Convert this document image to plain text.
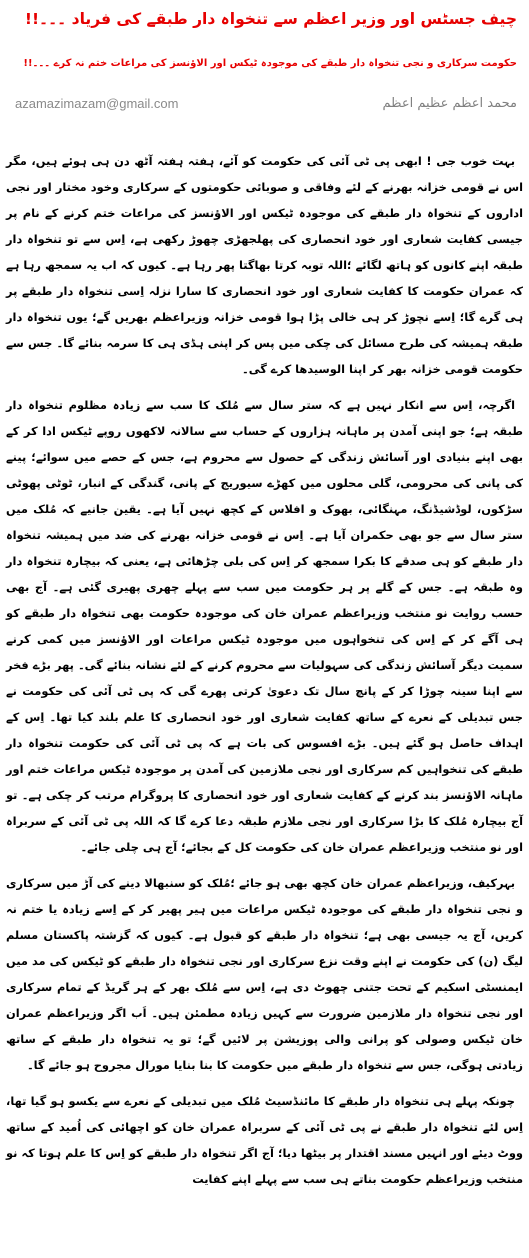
چیف جسٹس اور وزیر اعظم سے تنخواہ دار طبقے کی فریاد ۔۔۔!!
حکومت سرکاری و نجی تنخواہ دار طبقے کی موجودہ ٹیکس اور الاؤنسز کی مراعات ختم نہ کرے ۔۔۔!!
azamazimazam@gmail.com	محمد اعظم عظیم اعظم

بہت خوب جی ! ابھی پی ٹی آئی کی حکومت کو آئے، ہفتہ ہفتہ آٹھ دن ہی ہوئے ہیں، مگر اس نے قومی خزانہ بھرنے کے لئے وفاقی و صوبائی حکومتوں کے سرکاری وخود مختار اور نجی اداروں کے تنخواہ دار طبقے کی موجودہ ٹیکس اور الاؤنسز کی مراعات ختم کرنے کے نام پر جیسی کفایت شعاری اور خود انحصاری کی پھلجھڑی چھوڑ رکھی ہے، اِس سے تو تنخواہ دار طبقہ اپنے کانوں کو ہاتھ لگائے ؛اللہ توبہ کرتا بھاگتا پھر رہا ہے۔ کیوں کہ اب یہ سمجھ رہا ہے کہ عمران حکومت کا کفایت شعاری اور خود انحصاری کا سارا نزلہ اِسی تنخواہ دار طبقے پر ہی گرے گا؛ اِسے نچوڑ کر ہی خالی پڑا ہوا قومی خزانہ وزیراعظم بھریں گے؛ یوں تنخواہ دار طبقہ ہمیشہ کی طرح مسائل کی چکی میں پس کر اپنی ہڈی ہی کا سرمہ بنائے گا۔ جس سے حکومت قومی خزانہ بھر کر اپنا الوسیدھا کرے گی۔

اگرچہ، اِس سے انکار نہیں ہے کہ ستر سال سے مُلک کا سب سے زیادہ مظلوم تنخواہ دار طبقہ ہے؛ جو اپنی آمدن پر ماہانہ ہزاروں کے حساب سے سالانہ لاکھوں روپے ٹیکس ادا کر کے بھی اپنے بنیادی اور آسائش زندگی کے حصول سے محروم ہے، جس کے حصے میں سوائے؛ پینے کی پانی کی محرومی، گلی محلوں میں کھڑے سیوریج کے پانی، گندگی کے انبار، ٹوٹی پھوٹی سڑکوں، لوڈشیڈنگ، مہنگائی، بھوک و افلاس کے کچھ نہیں آیا ہے۔ یقین جانیے کہ مُلک میں ستر سال سے جو بھی حکمران آیا ہے۔ اِس نے قومی خزانہ بھرنے کی ضد میں ہمیشہ تنخواہ دار طبقے کو ہی صدقے کا بکرا سمجھ کر اِس کی بلی چڑھائی ہے، یعنی کہ بیچارہ تنخواہ دار وہ طبقہ ہے۔ جس کے گلے پر ہر حکومت میں سب سے پہلے چھری پھیری گئی ہے۔ آج بھی حسب روایت نو منتخب وزیراعظم عمران خان کی موجودہ حکومت بھی تنخواہ دار طبقے کو ہی آگے کر کے اِس کی تنخواہوں میں موجودہ ٹیکس مراعات اور الاؤنسز میں کمی کرنے سمیت دیگر آسائش زندگی کی سہولیات سے محروم کرنے کے لئے نشانہ بنائے گی۔ پھر بڑے فخر سے اپنا سینہ چوڑا کر کے پانچ سال تک دعویٰ کرتی پھرے گی کہ پی ٹی آئی کی حکومت نے جس تبدیلی کے نعرے کے ساتھ کفایت شعاری اور خود انحصاری کا علم بلند کیا تھا۔ اِس کے اہداف حاصل ہو گئے ہیں۔ بڑے افسوس کی بات ہے کہ پی ٹی آئی کی حکومت تنخواہ دار طبقے کی تنخواہیں کم سرکاری اور نجی ملازمین کی آمدن پر موجودہ ٹیکس مراعات ختم اور ماہانہ الاؤنسز بند کرنے کے کفایت شعاری اور خود انحصاری کا پروگرام مرتب کر چکی ہے۔ تو آج بیچارہ مُلک کا بڑا سرکاری اور نجی ملازم طبقہ دعا کرے گا کہ اللہ پی ٹی آئی کے سربراہ اور نو منتخب وزیراعظم عمران خان کی حکومت کل کے بجائے؛ آج ہی چلی جائے۔

بہرکیف، وزیراعظم عمران خان کچھ بھی ہو جائے ؛مُلک کو سنبھالا دینے کی آڑ میں سرکاری و نجی تنخواہ دار طبقے کی موجودہ ٹیکس مراعات میں ہیر پھیر کر کے اِسے زیادہ یا ختم نہ کریں، آج یہ جیسی بھی ہے؛ تنخواہ دار طبقے کو قبول ہے۔ کیوں کہ گزشتہ پاکستان مسلم لیگ (ن) کی حکومت نے اپنے وقت نزع سرکاری اور نجی تنخواہ دار طبقے کو ٹیکس کی مد میں ایمنسٹی اسکیم کے تحت جتنی چھوٹ دی ہے، اِس سے مُلک بھر کے ہر گریڈ کے تمام سرکاری اور نجی تنخواہ دار ملازمین ضرورت سے کہیں زیادہ مطمئن ہیں۔ اَب اگر وزیراعظم عمران خان ٹیکس وصولی کو پرانی والی پوزیشن پر لائیں گے؛ تو یہ تنخواہ دار طبقے کے ساتھ زیادتی ہوگی، جس سے تنخواہ دار طبقے میں حکومت کا بنا بنایا مورال مجروح ہو جائے گا۔

چونکہ پہلے ہی تنخواہ دار طبقے کا مائنڈسیٹ مُلک میں تبدیلی کے نعرے سے یکسو ہو گیا تھا، اِس لئے تنخواہ دار طبقے نے پی ٹی آئی کے سربراہ عمران خان کو اچھائی کی اُمید کے ساتھ ووٹ دیئے اور انہیں مسند اقتدار پر بیٹھا دیا؛ آج اگر تنخواہ دار طبقے کو اِس کا علم ہوتا کہ نو منتخب وزیراعظم حکومت بناتے ہی سب سے پہلے اپنے کفایت
